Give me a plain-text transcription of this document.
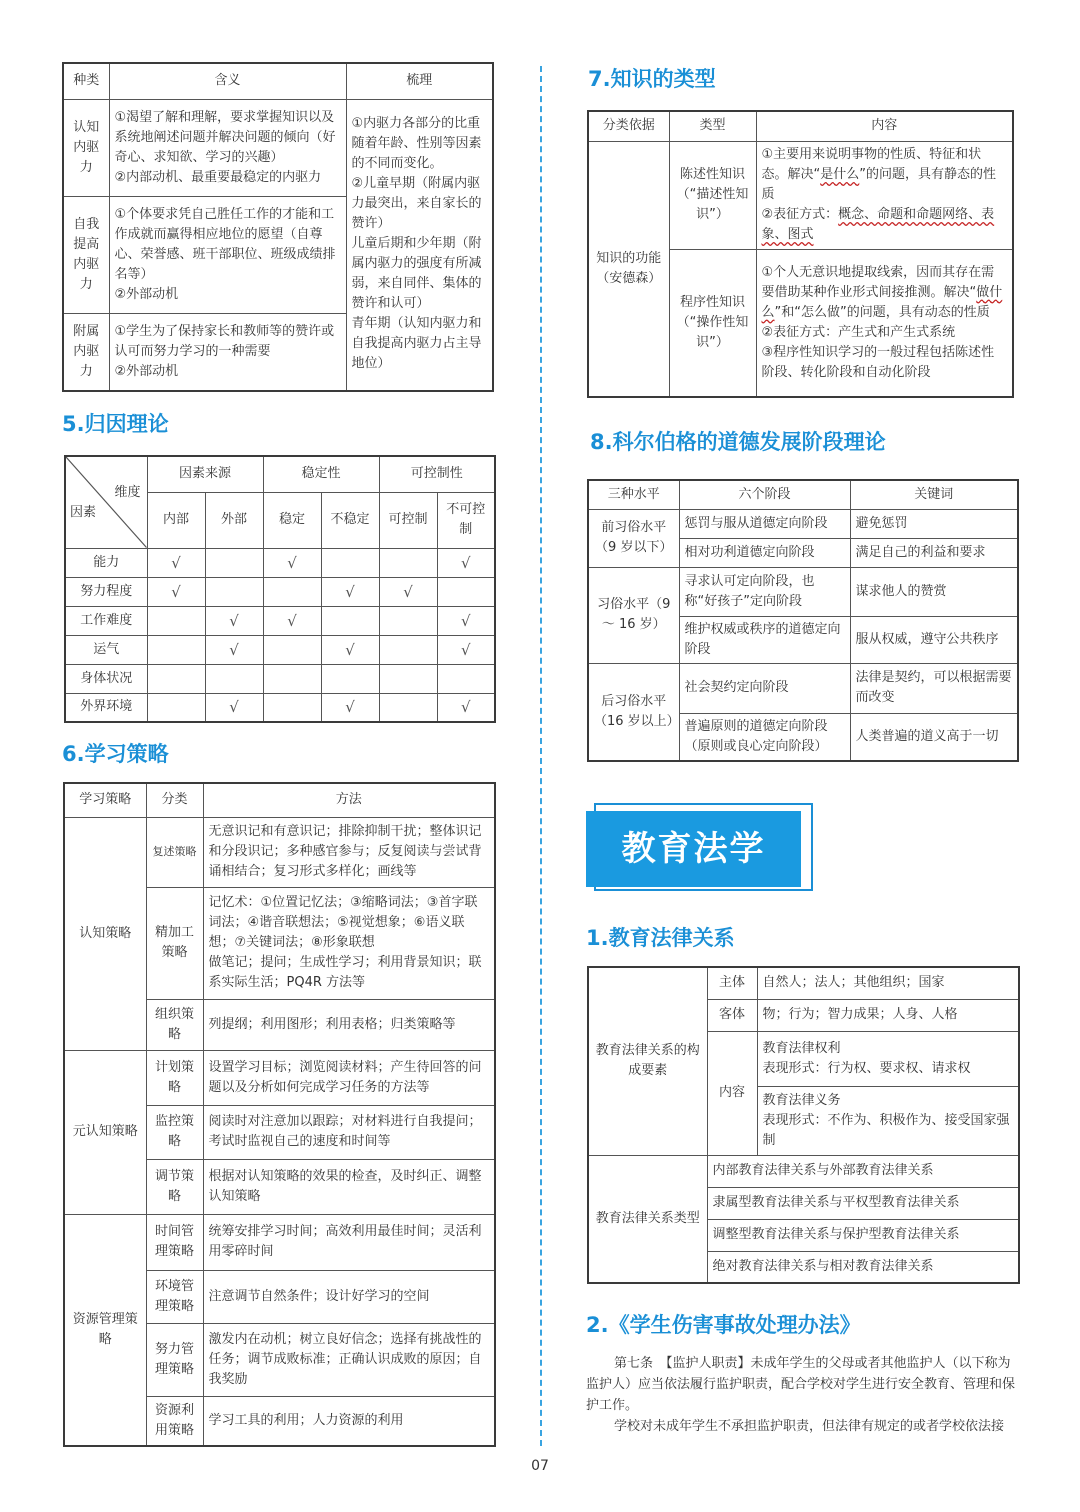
种类	含义	梳理
认知内驱力	①渴望了解和理解，要求掌握知识以及系统地阐述问题并解决问题的倾向（好奇心、求知欲、学习的兴趣）
②内部动机、最重要最稳定的内驱力	①内驱力各部分的比重随着年龄、性别等因素的不同而变化。
②儿童早期（附属内驱力最突出，来自家长的赞许）
儿童后期和少年期（附属内驱力的强度有所减弱，来自同伴、集体的赞许和认可）
青年期（认知内驱力和自我提高内驱力占主导地位）
自我提高内驱力	①个体要求凭自己胜任工作的才能和工作成就而赢得相应地位的愿望（自尊心、荣誉感、班干部职位、班级成绩排名等）
②外部动机	
附属内驱力	①学生为了保持家长和教师等的赞许或认可而努力学习的一种需要
②外部动机	
5.归因理论
维度
因素	因素来源		稳定性		可控制性	
	内部	外部	稳定	不稳定	可控制	不可控制
能力	√		√			√
努力程度	√			√	√	
工作难度		√	√			√
运气		√		√		√
身体状况						
外界环境		√		√		√
6.学习策略
学习策略	分类	方法
认知策略	复述策略	无意识记和有意识记；排除抑制干扰；整体识记和分段识记；多种感官参与；反复阅读与尝试背诵相结合；复习形式多样化；画线等
	精加工策略	记忆术：①位置记忆法；③缩略词法；③首字联词法；④谐音联想法；⑤视觉想象；⑥语义联想；⑦关键词法；⑧形象联想
做笔记；提问；生成性学习；利用背景知识；联系实际生活；PQ4R 方法等
	组织策略	列提纲；利用图形；利用表格；归类策略等
元认知策略	计划策略	设置学习目标；浏览阅读材料；产生待回答的问题以及分析如何完成学习任务的方法等
	监控策略	阅读时对注意加以跟踪；对材料进行自我提问；考试时监视自己的速度和时间等
	调节策略	根据对认知策略的效果的检查，及时纠正、调整认知策略
资源管理策略	时间管理策略	统筹安排学习时间；高效利用最佳时间；灵活利用零碎时间
	环境管理策略	注意调节自然条件；设计好学习的空间
	努力管理策略	激发内在动机；树立良好信念；选择有挑战性的任务；调节成败标准；正确认识成败的原因；自我奖励
	资源利用策略	学习工具的利用；人力资源的利用
7.知识的类型
分类依据	类型	内容
知识的功能（安德森）	陈述性知识（“描述性知识”）	①主要用来说明事物的性质、特征和状态。解决“是什么”的问题，具有静态的性质
②表征方式：概念、命题和命题网络、表象、图式
	程序性知识（“操作性知识”）	①个人无意识地提取线索，因而其存在需要借助某种作业形式间接推测。解决“做什么”和“怎么做”的问题，具有动态的性质
②表征方式：产生式和产生式系统
③程序性知识学习的一般过程包括陈述性阶段、转化阶段和自动化阶段
8.科尔伯格的道德发展阶段理论
三种水平	六个阶段	关键词
前习俗水平（9 岁以下）	惩罚与服从道德定向阶段	避免惩罚
	相对功利道德定向阶段	满足自己的利益和要求
习俗水平（9 ～ 16 岁）	寻求认可定向阶段，也称“好孩子”定向阶段	谋求他人的赞赏
	维护权威或秩序的道德定向阶段	服从权威，遵守公共秩序
后习俗水平（16 岁以上）	社会契约定向阶段	法律是契约，可以根据需要而改变
	普遍原则的道德定向阶段（原则或良心定向阶段）	人类普遍的道义高于一切
教育法学
1.教育法律关系
教育法律关系的构成要素	主体	自然人；法人；其他组织；国家
	客体	物；行为；智力成果；人身、人格
	内容	教育法律权利
表现形式：行为权、要求权、请求权
		教育法律义务
表现形式：不作为、积极作为、接受国家强制
教育法律关系类型	内部教育法律关系与外部教育法律关系	
	隶属型教育法律关系与平权型教育法律关系	
	调整型教育法律关系与保护型教育法律关系	
	绝对教育法律关系与相对教育法律关系	
2.《学生伤害事故处理办法》
第七条　【监护人职责】未成年学生的父母或者其他监护人（以下称为监护人）应当依法履行监护职责，配合学校对学生进行安全教育、管理和保护工作。
学校对未成年学生不承担监护职责，但法律有规定的或者学校依法接
07
